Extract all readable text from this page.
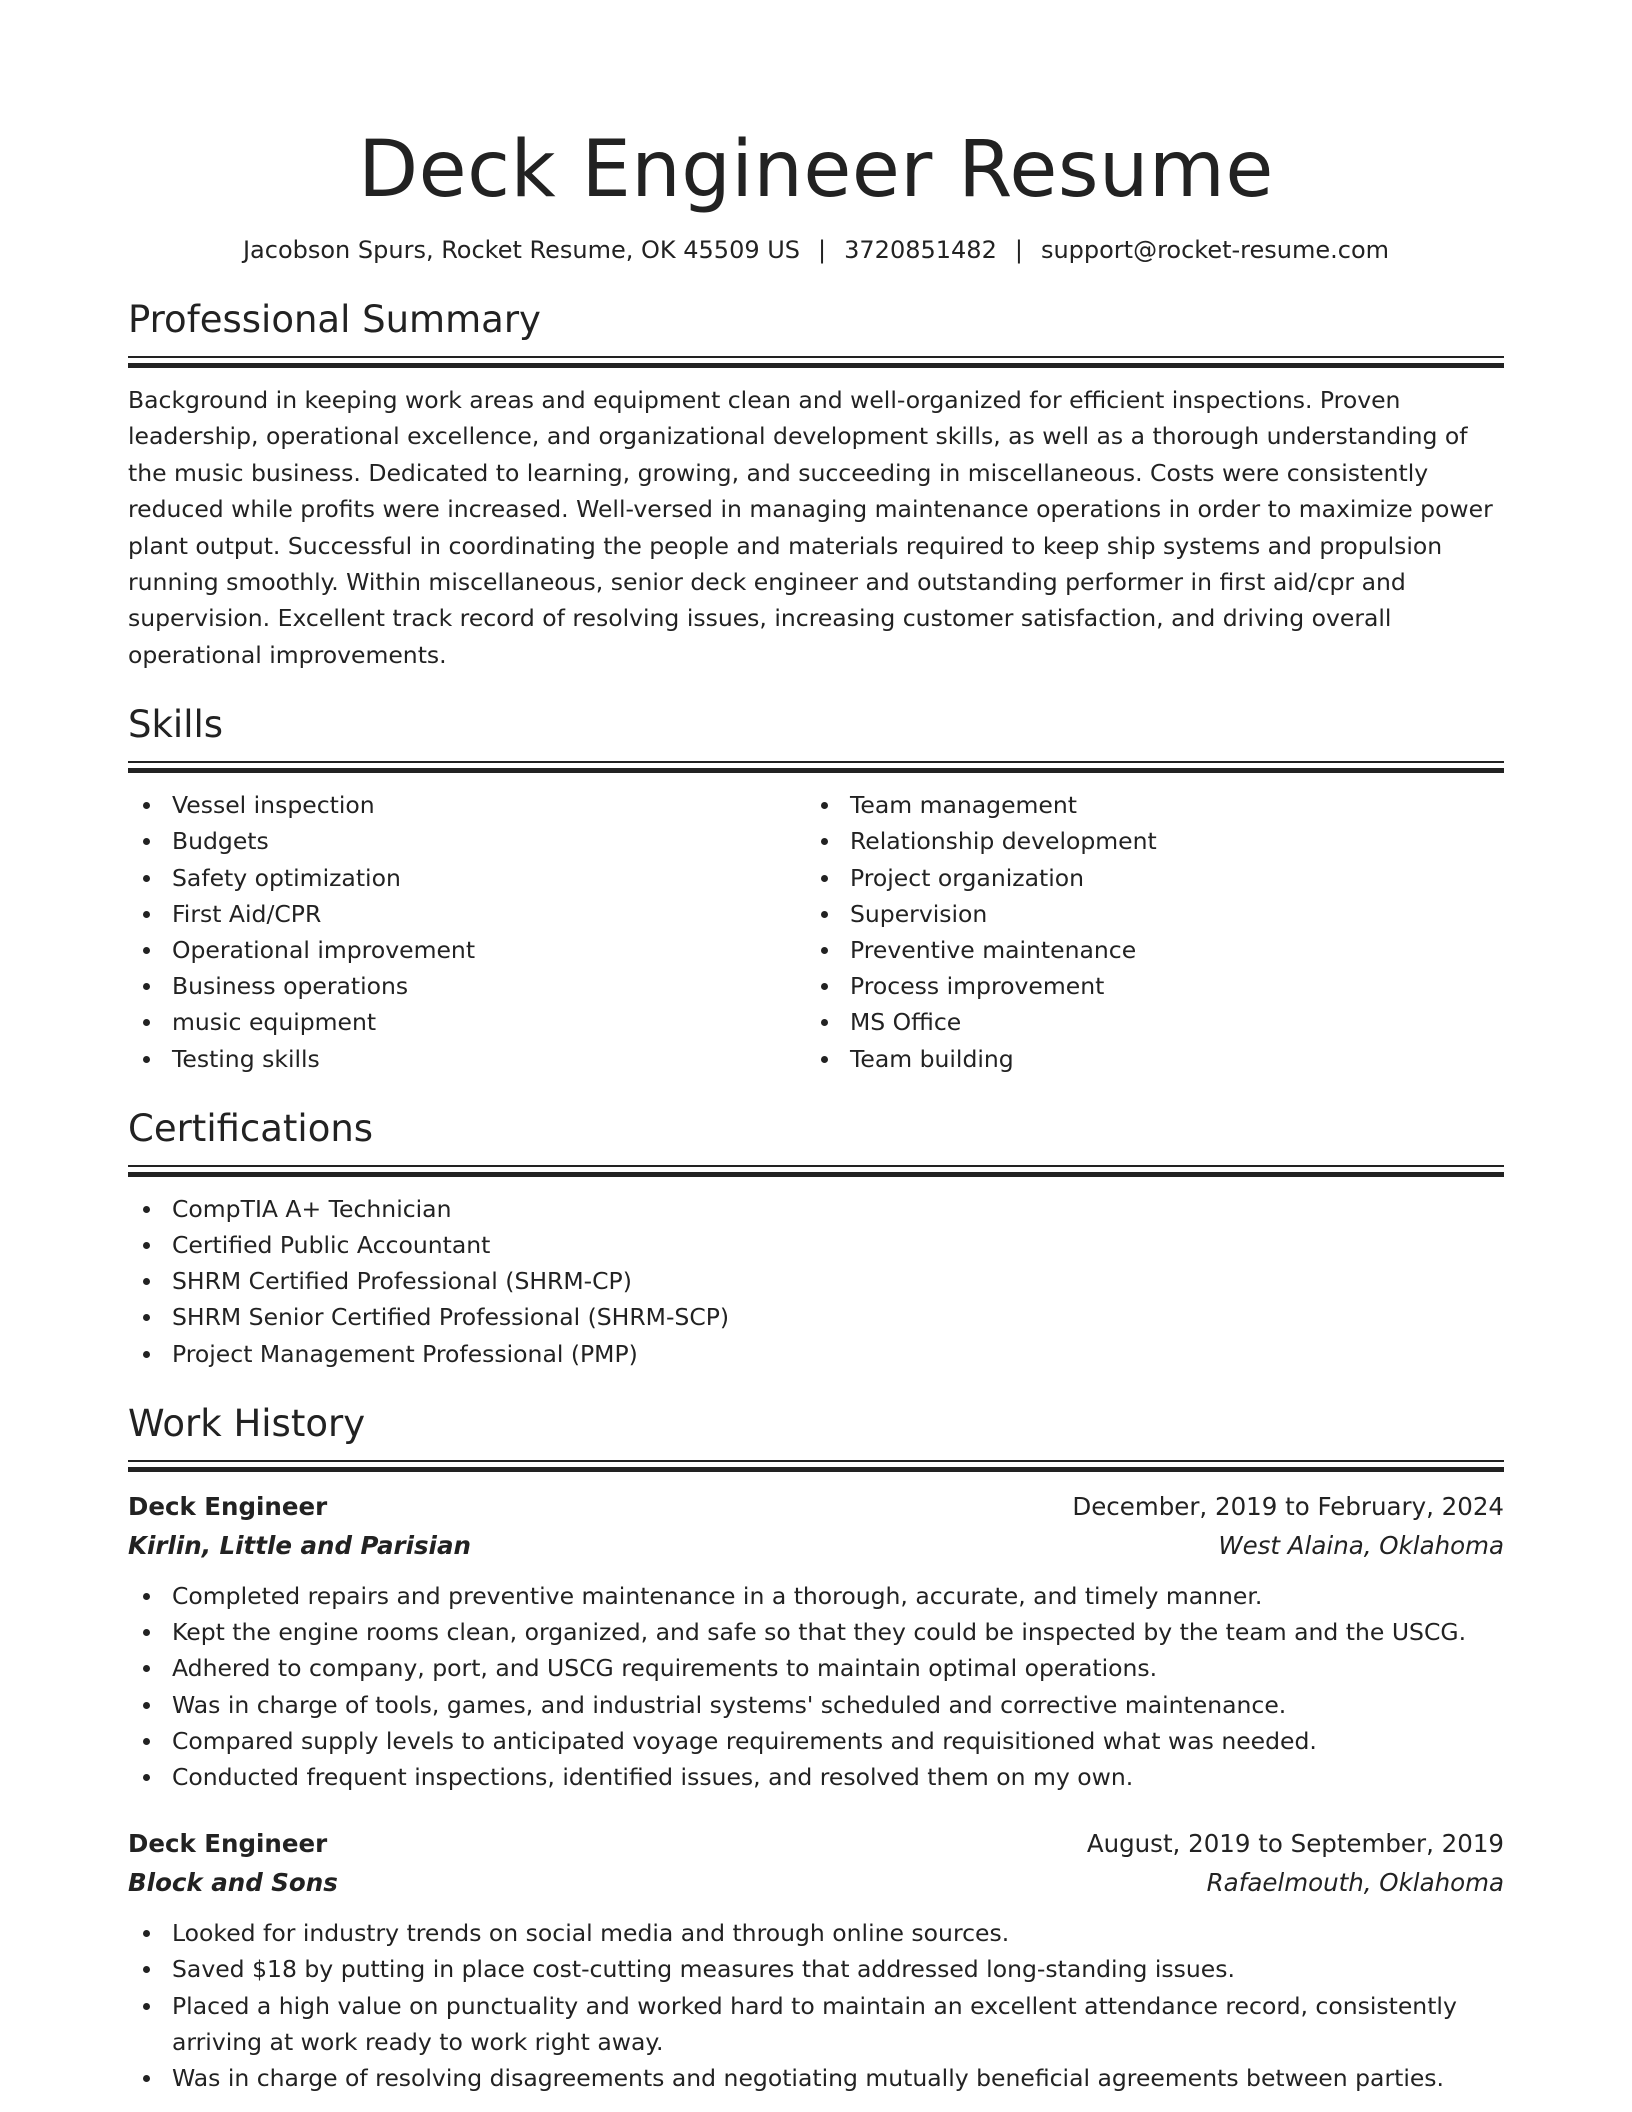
Deck Engineer Resume
Jacobson Spurs, Rocket Resume, OK 45509 US | 3720851482 | support@rocket-resume.com
Professional Summary

Background in keeping work areas and equipment clean and well-organized for efficient inspections. Proven leadership, operational excellence, and organizational development skills, as well as a thorough understanding of the music business. Dedicated to learning, growing, and succeeding in miscellaneous. Costs were consistently reduced while profits were increased. Well-versed in managing maintenance operations in order to maximize power plant output. Successful in coordinating the people and materials required to keep ship systems and propulsion running smoothly. Within miscellaneous, senior deck engineer and outstanding performer in first aid/cpr and supervision. Excellent track record of resolving issues, increasing customer satisfaction, and driving overall operational improvements.

Skills
Vessel inspection
Budgets
Safety optimization
First Aid/CPR
Operational improvement
Business operations
music equipment
Testing skills
Team management
Relationship development
Project organization
Supervision
Preventive maintenance
Process improvement
MS Office
Team building
Certifications
CompTIA A+ Technician
Certified Public Accountant
SHRM Certified Professional (SHRM-CP)
SHRM Senior Certified Professional (SHRM-SCP)
Project Management Professional (PMP)
Work History
Deck Engineer	December, 2019 to February, 2024
Kirlin, Little and Parisian	West Alaina, Oklahoma
Completed repairs and preventive maintenance in a thorough, accurate, and timely manner.
Kept the engine rooms clean, organized, and safe so that they could be inspected by the team and the USCG.
Adhered to company, port, and USCG requirements to maintain optimal operations.
Was in charge of tools, games, and industrial systems' scheduled and corrective maintenance.
Compared supply levels to anticipated voyage requirements and requisitioned what was needed.
Conducted frequent inspections, identified issues, and resolved them on my own.
Deck Engineer	August, 2019 to September, 2019
Block and Sons	Rafaelmouth, Oklahoma
Looked for industry trends on social media and through online sources.
Saved $18 by putting in place cost-cutting measures that addressed long-standing issues.
Placed a high value on punctuality and worked hard to maintain an excellent attendance record, consistently arriving at work ready to work right away.
Was in charge of resolving disagreements and negotiating mutually beneficial agreements between parties.
